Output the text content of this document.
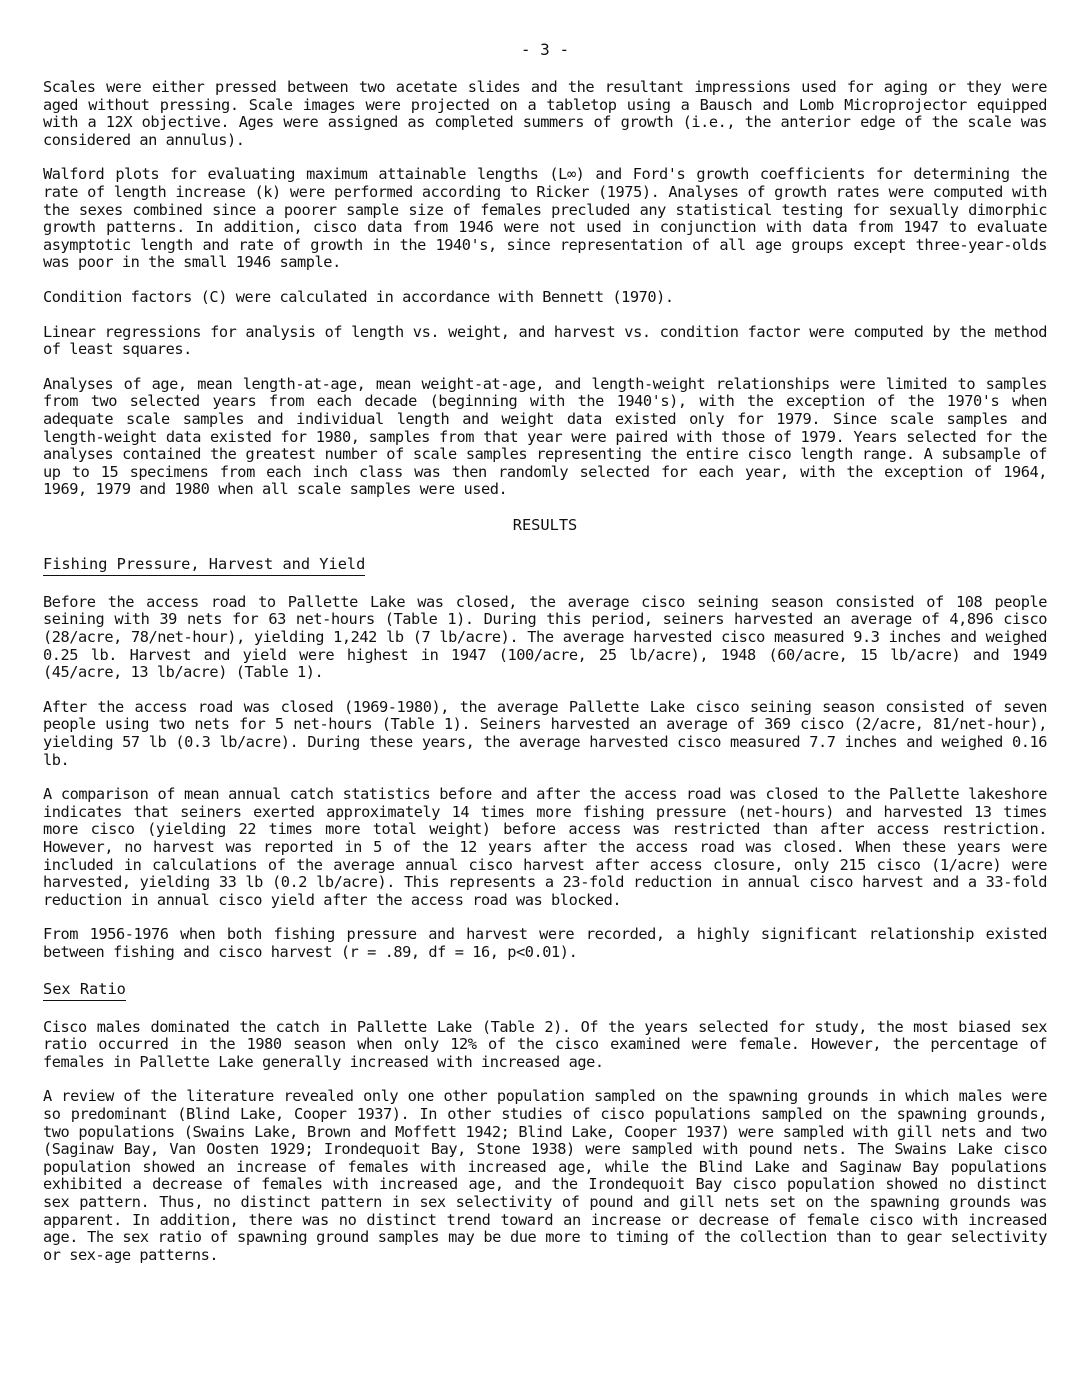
- 3 -

Scales were either pressed between two acetate slides and the resultant impressions used for aging or they were aged without pressing. Scale images were projected on a tabletop using a Bausch and Lomb Microprojector equipped with a 12X objective. Ages were assigned as completed summers of growth (i.e., the anterior edge of the scale was considered an annulus).

Walford plots for evaluating maximum attainable lengths (L∞) and Ford's growth coefficients for determining the rate of length increase (k) were performed according to Ricker (1975). Analyses of growth rates were computed with the sexes combined since a poorer sample size of females precluded any statistical testing for sexually dimorphic growth patterns. In addition, cisco data from 1946 were not used in conjunction with data from 1947 to evaluate asymptotic length and rate of growth in the 1940's, since representation of all age groups except three-year-olds was poor in the small 1946 sample.

Condition factors (C) were calculated in accordance with Bennett (1970).

Linear regressions for analysis of length vs. weight, and harvest vs. condition factor were computed by the method of least squares.

Analyses of age, mean length-at-age, mean weight-at-age, and length-weight relationships were limited to samples from two selected years from each decade (beginning with the 1940's), with the exception of the 1970's when adequate scale samples and individual length and weight data existed only for 1979. Since scale samples and length-weight data existed for 1980, samples from that year were paired with those of 1979. Years selected for the analyses contained the greatest number of scale samples representing the entire cisco length range. A subsample of up to 15 specimens from each inch class was then randomly selected for each year, with the exception of 1964, 1969, 1979 and 1980 when all scale samples were used.

RESULTS
Fishing Pressure, Harvest and Yield

Before the access road to Pallette Lake was closed, the average cisco seining season consisted of 108 people seining with 39 nets for 63 net-hours (Table 1). During this period, seiners harvested an average of 4,896 cisco (28/acre, 78/net-hour), yielding 1,242 lb (7 lb/acre). The average harvested cisco measured 9.3 inches and weighed 0.25 lb. Harvest and yield were highest in 1947 (100/acre, 25 lb/acre), 1948 (60/acre, 15 lb/acre) and 1949 (45/acre, 13 lb/acre) (Table 1).

After the access road was closed (1969-1980), the average Pallette Lake cisco seining season consisted of seven people using two nets for 5 net-hours (Table 1). Seiners harvested an average of 369 cisco (2/acre, 81/net-hour), yielding 57 lb (0.3 lb/acre). During these years, the average harvested cisco measured 7.7 inches and weighed 0.16 lb.

A comparison of mean annual catch statistics before and after the access road was closed to the Pallette lakeshore indicates that seiners exerted approximately 14 times more fishing pressure (net-hours) and harvested 13 times more cisco (yielding 22 times more total weight) before access was restricted than after access restriction. However, no harvest was reported in 5 of the 12 years after the access road was closed. When these years were included in calculations of the average annual cisco harvest after access closure, only 215 cisco (1/acre) were harvested, yielding 33 lb (0.2 lb/acre). This represents a 23-fold reduction in annual cisco harvest and a 33-fold reduction in annual cisco yield after the access road was blocked.

From 1956-1976 when both fishing pressure and harvest were recorded, a highly significant relationship existed between fishing and cisco harvest (r = .89, df = 16, p<0.01).

Sex Ratio

Cisco males dominated the catch in Pallette Lake (Table 2). Of the years selected for study, the most biased sex ratio occurred in the 1980 season when only 12% of the cisco examined were female. However, the percentage of females in Pallette Lake generally increased with increased age.

A review of the literature revealed only one other population sampled on the spawning grounds in which males were so predominant (Blind Lake, Cooper 1937). In other studies of cisco populations sampled on the spawning grounds, two populations (Swains Lake, Brown and Moffett 1942; Blind Lake, Cooper 1937) were sampled with gill nets and two (Saginaw Bay, Van Oosten 1929; Irondequoit Bay, Stone 1938) were sampled with pound nets. The Swains Lake cisco population showed an increase of females with increased age, while the Blind Lake and Saginaw Bay populations exhibited a decrease of females with increased age, and the Irondequoit Bay cisco population showed no distinct sex pattern. Thus, no distinct pattern in sex selectivity of pound and gill nets set on the spawning grounds was apparent. In addition, there was no distinct trend toward an increase or decrease of female cisco with increased age. The sex ratio of spawning ground samples may be due more to timing of the collection than to gear selectivity or sex-age patterns.
